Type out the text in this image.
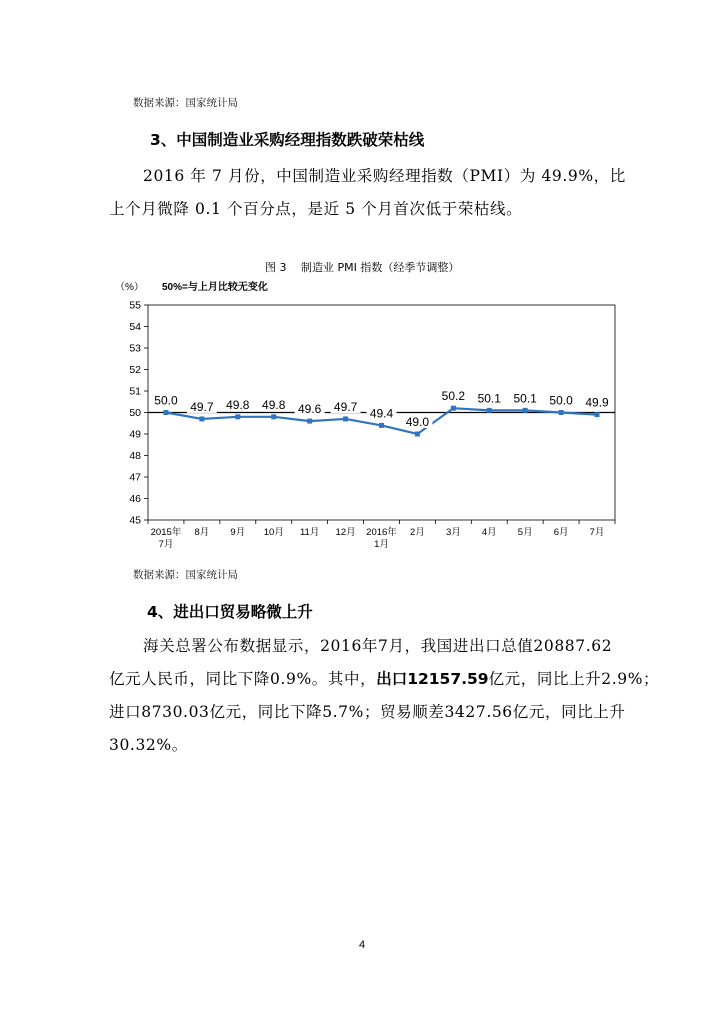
数据来源：国家统计局
3、中国制造业采购经理指数跌破荣枯线
2016 年 7 月份，中国制造业采购经理指数（PMI）为 49.9%，比
上个月微降 0.1 个百分点，是近 5 个月首次低于荣枯线。
图 3　 制造业 PMI 指数（经季节调整）
（%） 50%=与上月比较无变化
55
54
53
52
51
50
49
48
47
46
45
50.0 49.7 49.8 49.8 49.6 49.7 49.4
49.0
50.2 50.1 50.1 50.0 49.9
2015年
7月
8月 9月 10月 11月 12月 2016年
1月
2月 3月 4月 5月 6月 7月
数据来源：国家统计局
4、进出口贸易略微上升
海关总署公布数据显示，2016年7月，我国进出口总值20887.62
亿元人民币，同比下降0.9%。其中，出口12157.59亿元，同比上升2.9%；
进口8730.03亿元，同比下降5.7%；贸易顺差3427.56亿元，同比上升
30.32%。
4
